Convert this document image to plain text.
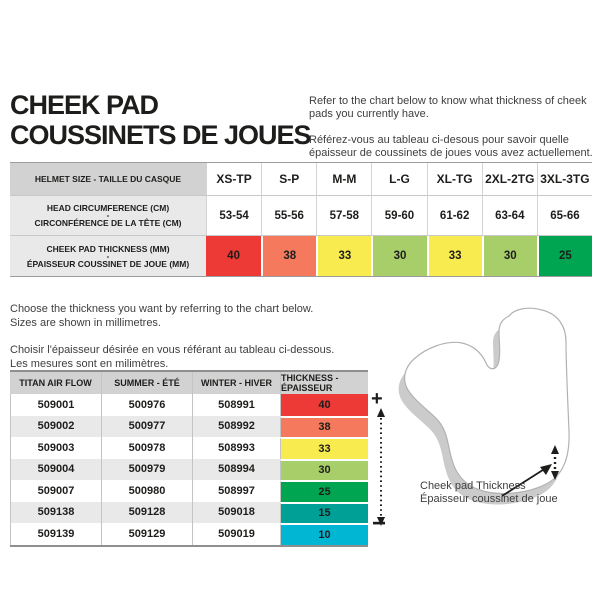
CHEEK PAD
COUSSINETS DE JOUES

Refer to the chart below to know what thickness of cheek pads you currently have.

Référez-vous au tableau ci-desous pour savoir quelle épaisseur de coussinets de joues vous avez actuellement.

HELMET SIZE - TAILLE DU CASQUE	XS-TP	S-P	M-M	L-G	XL-TG	2XL-2TG 3XL-3TG
HEAD CIRCUMFERENCE (CM)
-
CIRCONFÉRENCE DE LA TÊTE (CM)
53-54	55-56	57-58	59-60	61-62	63-64	65-66
CHEEK PAD THICKNESS (MM)
-
ÉPAISSEUR COUSSINET DE JOUE (MM)
40	38	33	30	33	30	25

Choose the thickness you want by referring to the chart below.
Sizes are shown in millimetres.

Choisir l'épaisseur désirée en vous référant au tableau ci-dessous.
Les mesures sont en milimètres.

TITAN AIR FLOW	SUMMER - ÉTÉ	WINTER - HIVER	THICKNESS - ÉPAISSEUR
509001	500976	508991	40
509002	500977	508992	38
509003	500978	508993	33
509004	500979	508994	30
509007	500980	508997	25
509138	509128	509018	15
509139	509129	509019	10
+
−
Cheek pad Thickness
Épaisseur coussinet de joue
